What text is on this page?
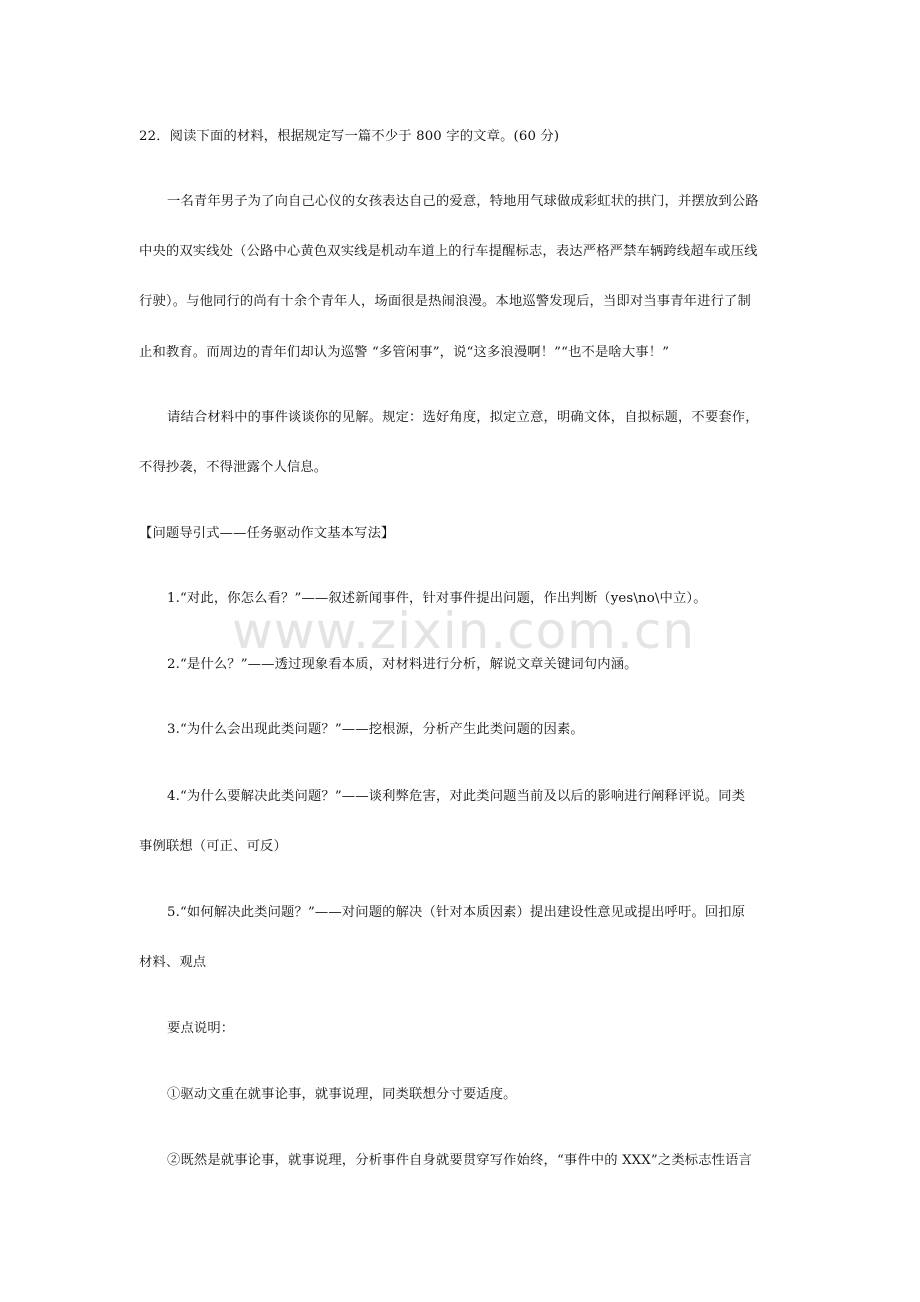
www.zixin.com.cn
22．阅读下面的材料，根据规定写一篇不少于 800 字的文章。(60 分)
一名青年男子为了向自己心仪的女孩表达自己的爱意，特地用气球做成彩虹状的拱门，并摆放到公路
中央的双实线处（公路中心黄色双实线是机动车道上的行车提醒标志，表达严格严禁车辆跨线超车或压线
行驶）。与他同行的尚有十余个青年人，场面很是热闹浪漫。本地巡警发现后，当即对当事青年进行了制
止和教育。而周边的青年们却认为巡警 “多管闲事”，说“这多浪漫啊！”“也不是啥大事！”
请结合材料中的事件谈谈你的见解。规定：选好角度，拟定立意，明确文体，自拟标题，不要套作，
不得抄袭，不得泄露个人信息。
【问题导引式——任务驱动作文基本写法】
1.“对此，你怎么看？”——叙述新闻事件，针对事件提出问题，作出判断（yes\no\中立）。
2.“是什么？”——透过现象看本质，对材料进行分析，解说文章关键词句内涵。
3.“为什么会出现此类问题？”——挖根源，分析产生此类问题的因素。
4.“为什么要解决此类问题？”——谈利弊危害，对此类问题当前及以后的影响进行阐释评说。同类
事例联想（可正、可反）
5.“如何解决此类问题？”——对问题的解决（针对本质因素）提出建设性意见或提出呼吁。回扣原
材料、观点
要点说明：
①驱动文重在就事论事，就事说理，同类联想分寸要适度。
②既然是就事论事，就事说理，分析事件自身就要贯穿写作始终，“事件中的 XXX”之类标志性语言
